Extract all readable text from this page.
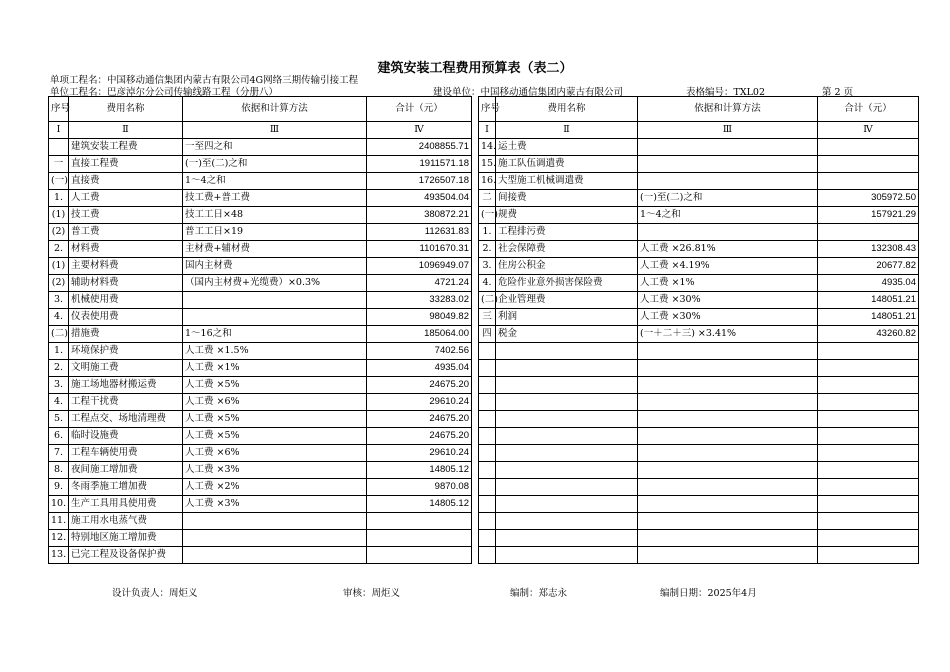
建筑安装工程费用预算表（表二）
单项工程名：中国移动通信集团内蒙古有限公司4G网络三期传输引接工程
单位工程名：巴彦淖尔分公司传输线路工程（分册八）	建设单位：中国移动通信集团内蒙古有限公司	表格编号：TXL02	第 2 页
序号	费用名称	依据和计算方法	合计（元）
Ⅰ	Ⅱ	Ⅲ	Ⅳ
	建筑安装工程费	一至四之和	2408855.71
一	直接工程费	(一)至(二)之和	1911571.18
(一)	直接费	1～4之和	1726507.18
1.	人工费	技工费+普工费	493504.04
(1)	技工费	技工工日×48	380872.21
(2)	普工费	普工工日×19	112631.83
2.	材料费	主材费+辅材费	1101670.31
(1)	主要材料费	国内主材费	1096949.07
(2)	辅助材料费	（国内主材费+光缆费）×0.3%	4721.24
3.	机械使用费		33283.02
4.	仪表使用费		98049.82
(二)	措施费	1～16之和	185064.00
1.	环境保护费	人工费 ×1.5%	7402.56
2.	文明施工费	人工费 ×1%	4935.04
3.	施工场地器材搬运费	人工费 ×5%	24675.20
4.	工程干扰费	人工费 ×6%	29610.24
5.	工程点交、场地清理费	人工费 ×5%	24675.20
6.	临时设施费	人工费 ×5%	24675.20
7.	工程车辆使用费	人工费 ×6%	29610.24
8.	夜间施工增加费	人工费 ×3%	14805.12
9.	冬雨季施工增加费	人工费 ×2%	9870.08
10.	生产工具用具使用费	人工费 ×3%	14805.12
11.	施工用水电蒸气费		
12.	特别地区施工增加费		
13.	已完工程及设备保护费		
序号	费用名称	依据和计算方法	合计（元）
Ⅰ	Ⅱ	Ⅲ	Ⅳ
14.	运土费		
15.	施工队伍调遣费		
16.	大型施工机械调遣费		
二	间接费	(一)至(二)之和	305972.50
(一)	规费	1～4之和	157921.29
1.	工程排污费		
2.	社会保障费	人工费 ×26.81%	132308.43
3.	住房公积金	人工费 ×4.19%	20677.82
4.	危险作业意外损害保险费	人工费 ×1%	4935.04
(二)	企业管理费	人工费 ×30%	148051.21
三	利润	人工费 ×30%	148051.21
四	税金	(一＋二＋三) ×3.41%	43260.82

设计负责人：周炬义	审核：周炬义	编制：郑志永	编制日期：2025年4月
